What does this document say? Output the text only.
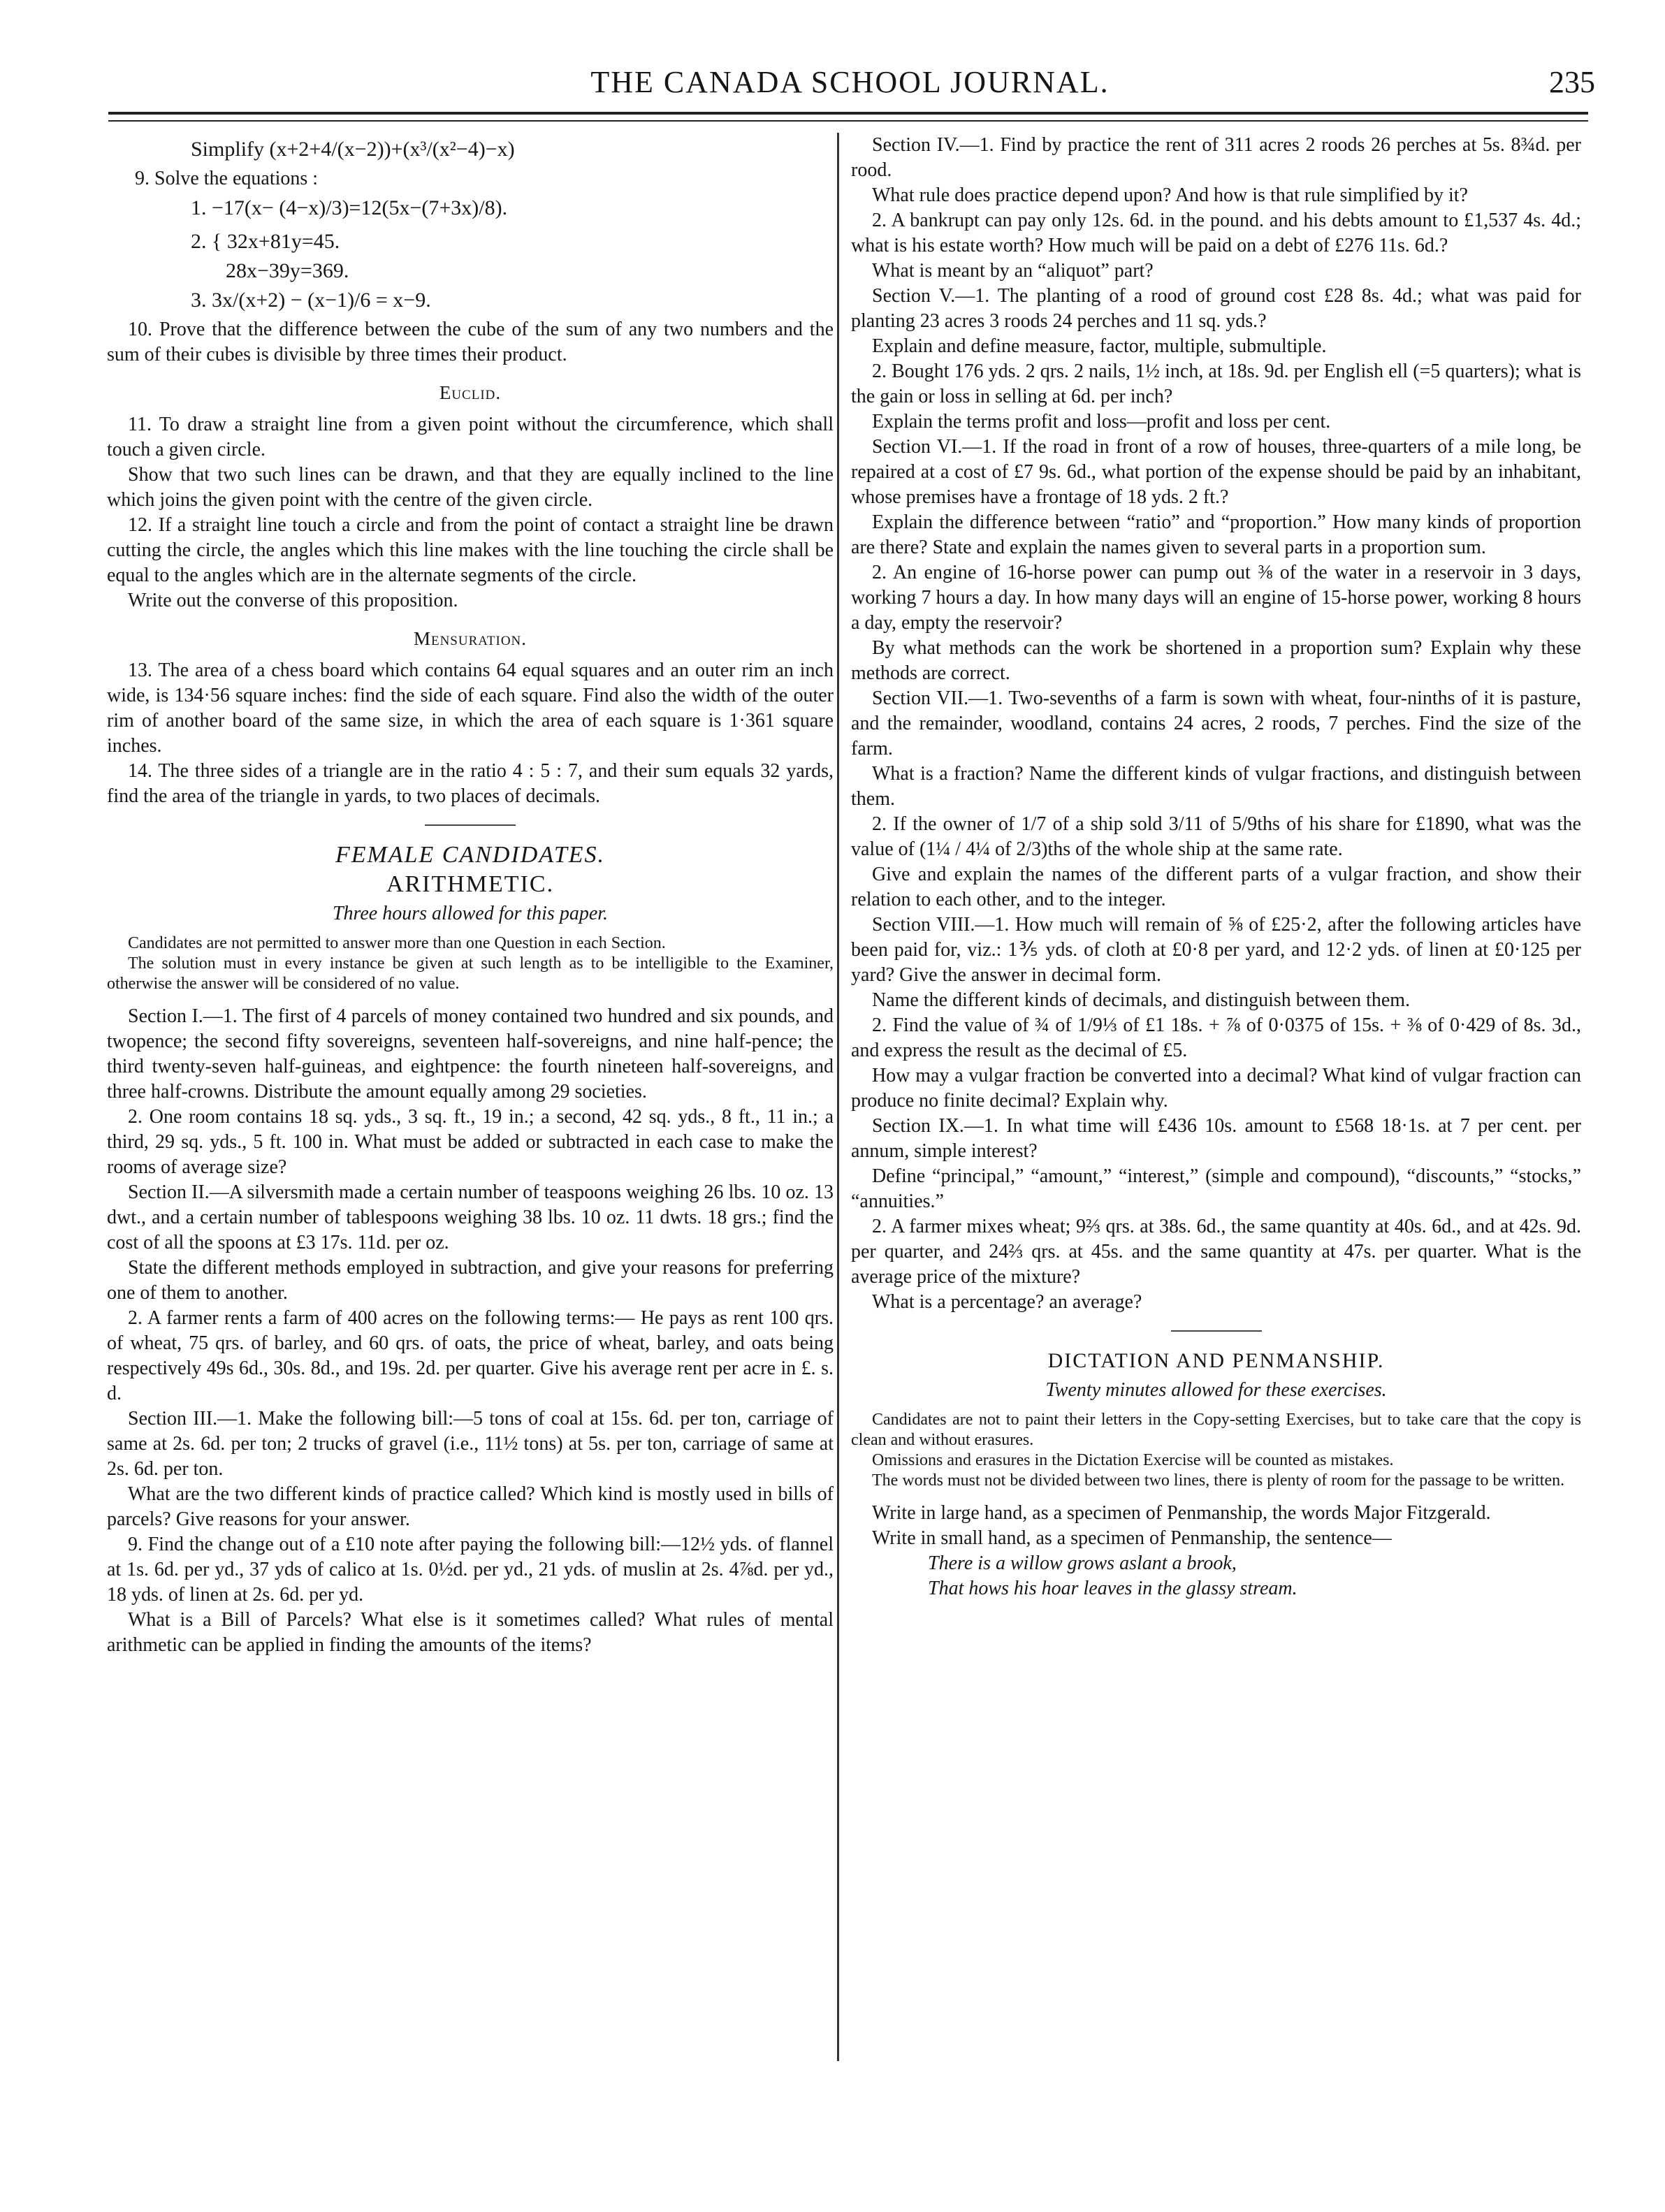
THE CANADA SCHOOL JOURNAL.	235

Simplify (x+2+4/(x−2))+(x³/(x²−4)−x)

9. Solve the equations :

1. −17(x− (4−x)/3)=12(5x−(7+3x)/8).

2. { 32x+81y=45.

28x−39y=369.

3. 3x/(x+2) − (x−1)/6 = x−9.

10. Prove that the difference between the cube of the sum of any two numbers and the sum of their cubes is divisible by three times their product.

Euclid.

11. To draw a straight line from a given point without the circumference, which shall touch a given circle.

Show that two such lines can be drawn, and that they are equally inclined to the line which joins the given point with the centre of the given circle.

12. If a straight line touch a circle and from the point of contact a straight line be drawn cutting the circle, the angles which this line makes with the line touching the circle shall be equal to the angles which are in the alternate segments of the circle.

Write out the converse of this proposition.

Mensuration.

13. The area of a chess board which contains 64 equal squares and an outer rim an inch wide, is 134·56 square inches: find the side of each square. Find also the width of the outer rim of another board of the same size, in which the area of each square is 1·361 square inches.

14. The three sides of a triangle are in the ratio 4 : 5 : 7, and their sum equals 32 yards, find the area of the triangle in yards, to two places of decimals.

FEMALE CANDIDATES.

ARITHMETIC.

Three hours allowed for this paper.

Candidates are not permitted to answer more than one Question in each Section.

The solution must in every instance be given at such length as to be intelligible to the Examiner, otherwise the answer will be considered of no value.

Section I.—1. The first of 4 parcels of money contained two hundred and six pounds, and twopence; the second fifty sovereigns, seventeen half-sovereigns, and nine half-pence; the third twenty-seven half-guineas, and eightpence: the fourth nineteen half-sovereigns, and three half-crowns. Distribute the amount equally among 29 societies.

2. One room contains 18 sq. yds., 3 sq. ft., 19 in.; a second, 42 sq. yds., 8 ft., 11 in.; a third, 29 sq. yds., 5 ft. 100 in. What must be added or subtracted in each case to make the rooms of average size?

Section II.—A silversmith made a certain number of teaspoons weighing 26 lbs. 10 oz. 13 dwt., and a certain number of tablespoons weighing 38 lbs. 10 oz. 11 dwts. 18 grs.; find the cost of all the spoons at £3 17s. 11d. per oz.

State the different methods employed in subtraction, and give your reasons for preferring one of them to another.

2. A farmer rents a farm of 400 acres on the following terms:— He pays as rent 100 qrs. of wheat, 75 qrs. of barley, and 60 qrs. of oats, the price of wheat, barley, and oats being respectively 49s 6d., 30s. 8d., and 19s. 2d. per quarter. Give his average rent per acre in £. s. d.

Section III.—1. Make the following bill:—5 tons of coal at 15s. 6d. per ton, carriage of same at 2s. 6d. per ton; 2 trucks of gravel (i.e., 11½ tons) at 5s. per ton, carriage of same at 2s. 6d. per ton.

What are the two different kinds of practice called? Which kind is mostly used in bills of parcels? Give reasons for your answer.

9. Find the change out of a £10 note after paying the following bill:—12½ yds. of flannel at 1s. 6d. per yd., 37 yds of calico at 1s. 0½d. per yd., 21 yds. of muslin at 2s. 4⅞d. per yd., 18 yds. of linen at 2s. 6d. per yd.

What is a Bill of Parcels? What else is it sometimes called? What rules of mental arithmetic can be applied in finding the amounts of the items?

Section IV.—1. Find by practice the rent of 311 acres 2 roods 26 perches at 5s. 8¾d. per rood.

What rule does practice depend upon? And how is that rule simplified by it?

2. A bankrupt can pay only 12s. 6d. in the pound. and his debts amount to £1,537 4s. 4d.; what is his estate worth? How much will be paid on a debt of £276 11s. 6d.?

What is meant by an “aliquot” part?

Section V.—1. The planting of a rood of ground cost £28 8s. 4d.; what was paid for planting 23 acres 3 roods 24 perches and 11 sq. yds.?

Explain and define measure, factor, multiple, submultiple.

2. Bought 176 yds. 2 qrs. 2 nails, 1½ inch, at 18s. 9d. per English ell (=5 quarters); what is the gain or loss in selling at 6d. per inch?

Explain the terms profit and loss—profit and loss per cent.

Section VI.—1. If the road in front of a row of houses, three-quarters of a mile long, be repaired at a cost of £7 9s. 6d., what portion of the expense should be paid by an inhabitant, whose premises have a frontage of 18 yds. 2 ft.?

Explain the difference between “ratio” and “proportion.” How many kinds of proportion are there? State and explain the names given to several parts in a proportion sum.

2. An engine of 16-horse power can pump out ⅜ of the water in a reservoir in 3 days, working 7 hours a day. In how many days will an engine of 15-horse power, working 8 hours a day, empty the reservoir?

By what methods can the work be shortened in a proportion sum? Explain why these methods are correct.

Section VII.—1. Two-sevenths of a farm is sown with wheat, four-ninths of it is pasture, and the remainder, woodland, contains 24 acres, 2 roods, 7 perches. Find the size of the farm.

What is a fraction? Name the different kinds of vulgar fractions, and distinguish between them.

2. If the owner of 1/7 of a ship sold 3/11 of 5/9ths of his share for £1890, what was the value of (1¼ / 4¼ of 2/3)ths of the whole ship at the same rate.

Give and explain the names of the different parts of a vulgar fraction, and show their relation to each other, and to the integer.

Section VIII.—1. How much will remain of ⅝ of £25·2, after the following articles have been paid for, viz.: 1⅗ yds. of cloth at £0·8 per yard, and 12·2 yds. of linen at £0·125 per yard? Give the answer in decimal form.

Name the different kinds of decimals, and distinguish between them.

2. Find the value of ¾ of 1/9⅓ of £1 18s. + ⅞ of 0·0375 of 15s. + ⅜ of 0·429 of 8s. 3d., and express the result as the decimal of £5.

How may a vulgar fraction be converted into a decimal? What kind of vulgar fraction can produce no finite decimal? Explain why.

Section IX.—1. In what time will £436 10s. amount to £568 18·1s. at 7 per cent. per annum, simple interest?

Define “principal,” “amount,” “interest,” (simple and compound), “discounts,” “stocks,” “annuities.”

2. A farmer mixes wheat; 9⅔ qrs. at 38s. 6d., the same quantity at 40s. 6d., and at 42s. 9d. per quarter, and 24⅔ qrs. at 45s. and the same quantity at 47s. per quarter. What is the average price of the mixture?

What is a percentage? an average?

DICTATION AND PENMANSHIP.

Twenty minutes allowed for these exercises.

Candidates are not to paint their letters in the Copy-setting Exercises, but to take care that the copy is clean and without erasures.

Omissions and erasures in the Dictation Exercise will be counted as mistakes.

The words must not be divided between two lines, there is plenty of room for the passage to be written.

Write in large hand, as a specimen of Penmanship, the words Major Fitzgerald.

Write in small hand, as a specimen of Penmanship, the sentence—

There is a willow grows aslant a brook,

That hows his hoar leaves in the glassy stream.
